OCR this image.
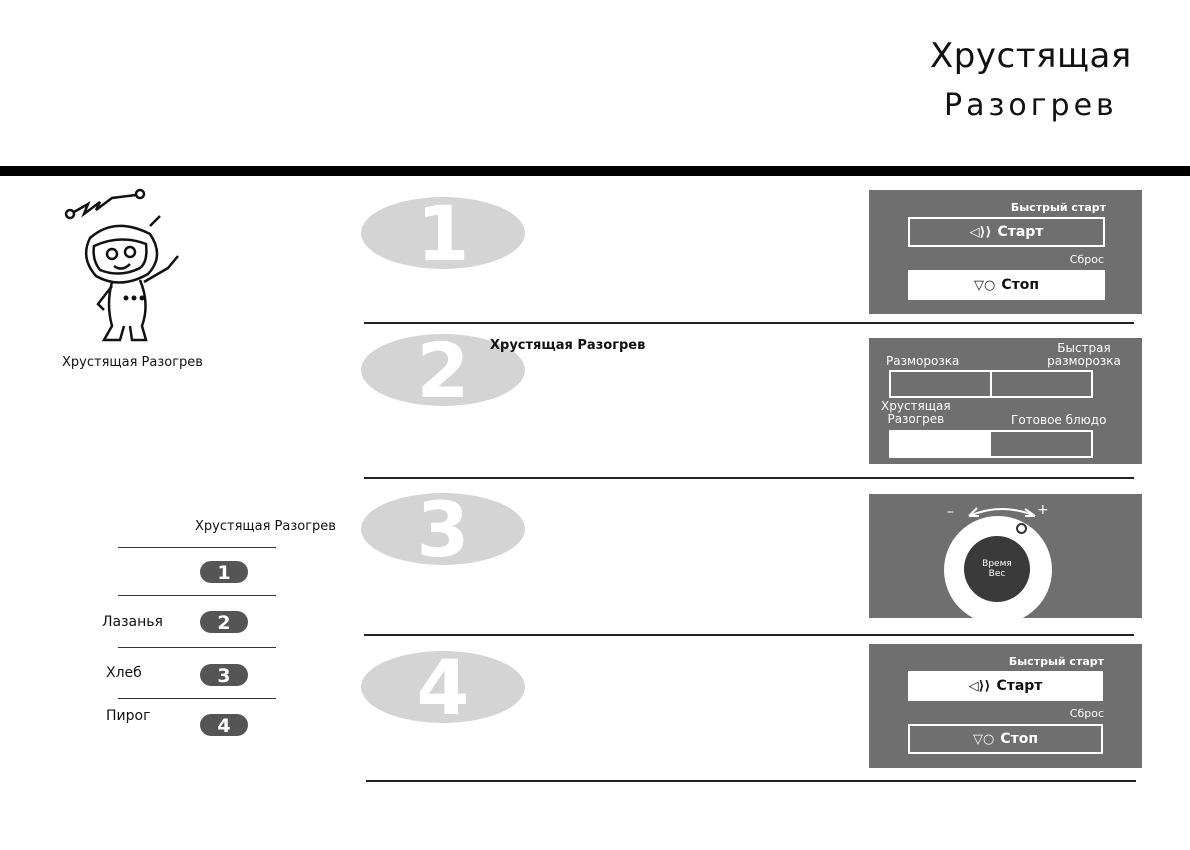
Хрустящая
Разогрев
Хрустящая Разогрев
Хрустящая Разогрев
1
Лазанья	2
Хлеб	3
Пирог	4
1
2 Хрустящая Разогрев
3
4
Быстрый старт
◁⟩⟩ Старт
Сброс
▽○ Стоп
Разморозка
Быстрая
разморозка
Хрустящая
Разогрев	Готовое блюдо
–	+
Время
Вес
Быстрый старт
◁⟩⟩ Старт
Сброс
▽○ Стоп
